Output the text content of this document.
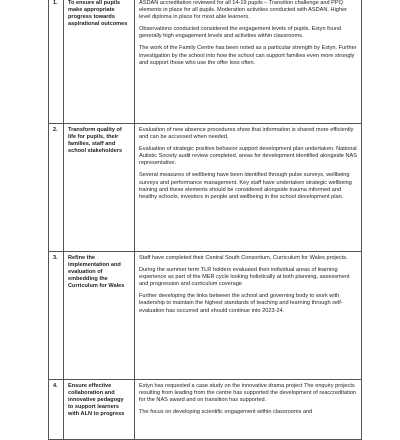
1.	To ensure all pupils make appropriate progress towards aspirational outcomes	ASDAN accreditation reviewed for all 14-19 pupils – Transition challenge and PPQ elements in place for all pupils. Moderation activities conducted with ASDAN. Higher level diploma in place for most able learners.

Observations conducted considered the engagement levels of pupils. Estyn found generally high engagement levels and activities within classrooms.

The work of the Family Centre has been noted as a particular strength by Estyn. Further investigation by the school into how the school can support families even more strongly and support those who use the offer less often.

2.	Transform quality of life for pupils, their families, staff and school stakeholders	Evaluation of new absence procedures show that information is shared more efficiently and can be accessed when needed.

Evaluation of strategic positive behavior support development plan undertaken. National Autistic Society audit review completed, areas for development identified alongside NAS representative.

Several measures of wellbeing have been identified through pulse surveys, wellbeing surveys and performance management. Key staff have undertaken strategic wellbeing training and these elements should be considered alongside trauma informed and healthy schools, investors in people and wellbeing in the school development plan.

3.	Refine the implementation and evaluation of embedding the Curriculum for Wales	Staff have completed their Central South Consortium, Curriculum for Wales projects.

During the summer term TLR holders evaluated their individual areas of learning experience as part of the MER cycle looking holistically at both planning, assessment and progression and curriculum coverage

Further developing the links between the school and governing body to work with leadership to maintain the highest standards of teaching and learning through self-evaluation has occurred and should continue into 2023-24.

4.	Ensure effective collaboration and innovative pedagogy to support learners with ALN to progress	Estyn has requested a case study on the innovative drama project The enquiry projects resulting from leading from the centre has supported the development of reaccreditation for the NAS award and on transition has supported.

The focus on developing scientific engagement within classrooms and
